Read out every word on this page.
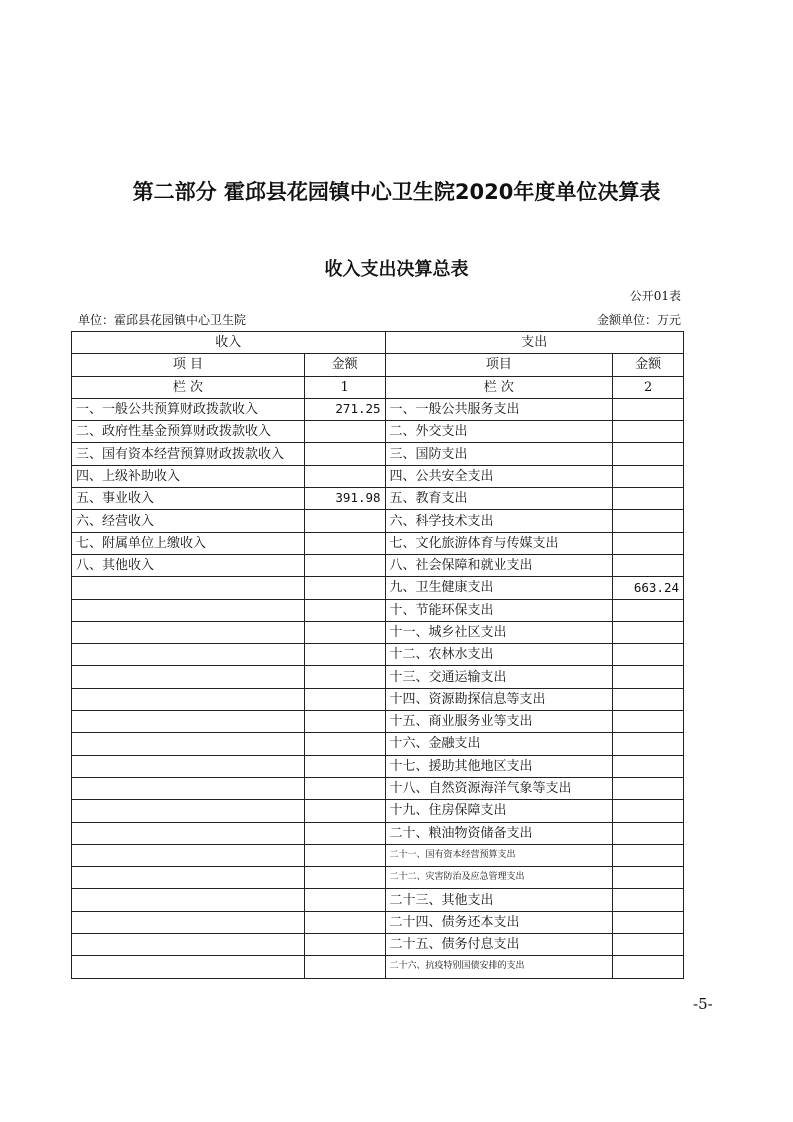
第二部分 霍邱县花园镇中心卫生院2020年度单位决算表
收入支出决算总表
公开01表
单位：霍邱县花园镇中心卫生院	金额单位：万元
收入		支出	
项 目	金额	项目	金额
栏 次	1	栏 次	2
一、一般公共预算财政拨款收入	271.25	一、一般公共服务支出	
二、政府性基金预算财政拨款收入		二、外交支出	
三、国有资本经营预算财政拨款收入		三、国防支出	
四、上级补助收入		四、公共安全支出	
五、事业收入	391.98	五、教育支出	
六、经营收入		六、科学技术支出	
七、附属单位上缴收入		七、文化旅游体育与传媒支出	
八、其他收入		八、社会保障和就业支出	
		九、卫生健康支出	663.24
		十、节能环保支出	
		十一、城乡社区支出	
		十二、农林水支出	
		十三、交通运输支出	
		十四、资源勘探信息等支出	
		十五、商业服务业等支出	
		十六、金融支出	
		十七、援助其他地区支出	
		十八、自然资源海洋气象等支出	
		十九、住房保障支出	
		二十、粮油物资储备支出	
		二十一、国有资本经营预算支出	
		二十二、灾害防治及应急管理支出	
		二十三、其他支出	
		二十四、债务还本支出	
		二十五、债务付息支出	
		二十六、抗疫特别国债安排的支出	
-5-
